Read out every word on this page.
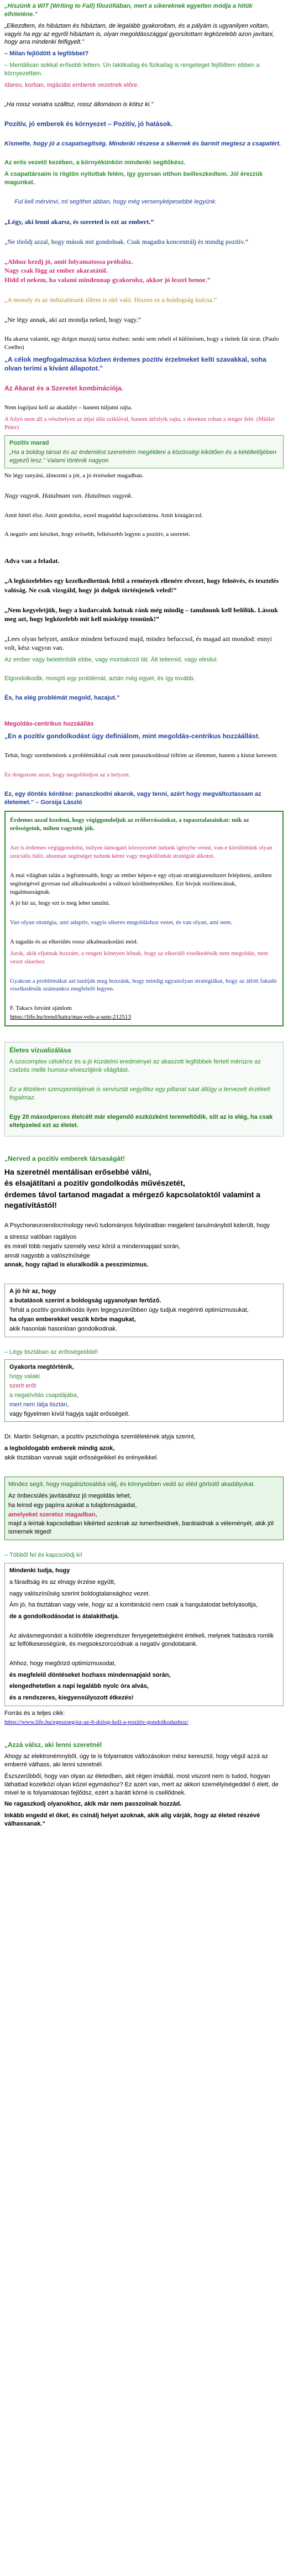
„Hiszünk a WIT (Writing to Fall) filozófiában, mert a sikereknek egyetlen módja a hitük elhiteténe.”

„Elkezdtem, és hibáztam és hibáztam, de legalább gyakoroltam, és a pályám is ugyanilyen voltam, vagyis ha egy az egyről hibáztam is, olyan megoldásszággal gyorsítottam legközelebb azon javítani, hogy arra mindenki felfigyelt.”

– Milan fejlődött a legföbbet?

– Mentálisan sokkal erősebb lettem. Ún taktikailag és fizikailag is rengeteget fejlődtem ebben a környezetben.

Idareu, korban, ingáciási emberek vezetnek előre.

„Ha rossz vonatra szálltsz, rossz állomáson is kötsz ki.”

Pozitív, jó emberek és környezet – Pozitív, jó hatások.

Kismelte, hogy jó a csapatsegítség. Mindenki részese a sikernek és barmit megtesz a csapatért.

Az erős vezető kezében, a környékünkön mindenki segítőkész.

A csapattársaim is rögtön nyitottak felém, így gyorsan otthon beilleszkedtem. Jól érezzük magunkat.

Ful kell mérvinvi, ml segíthet abban, hogy még versenyképesebbé legyünk.

„Légy, aki lenni akarsz, és szereted is ezt az embert.”

„Ne törődj azzal, hogy mások mit gondolnak. Csak magadra koncentrálj és mindig pozitív.”

„Ahhoz kezdj jó, amit folyamatossa próbálsz.

Nagy csak fögg az ember akaratától.

Hidd el nekem, ha valami mindennap gyakorolsz, akkor jó leszel benne.”

„A mosoly és az önbizalmunk tőlem is rárl való. Hiszen ez a boldogság kulcsa.”

„Ne légy annak, aki azt mondja neked, hogy vagy.”

Ha akarsz valamit, egy dolgot muszáj tartsz észben: senki sem rebeli el különösen, hogy a tieitek fát sirat. (Paulo Coelho)

„A célok megfogalmazása közben érdemes pozitív érzelmeket kelti szavakkal, soha olvan terimi a kívánt állapotot.”

Az Akarat és a Szeretet kombinációja.

Nem logójusi kell az akadályt – hanem túljutni rajta.

A folyó nem áll a vészhelyen az útjai állú sziklával, hanem átfolyik rajta, s dereken rohan a tenger felé. (Müller Péter)

Pozitív marad

„Ha a boldog társat és az érdemlést szeretném megéldeni a közösségi kikötően és a kétéltetőjében egyező lesz.” Valami történik nagyon

Ne légy tanyáni, álmozmi a jót, a jó érzéseket magadban.

Nagy vagyok. Hatalmam van. Hatalmas vagyok.

Amit hittél élsz. Amit gondolsz, ezzel magaddal kapcsolattárna. Amit kínágárczd.

A negatív ami készket, hogy erősebb, felkészebb legyen a pozitív, a szeretet.

Adva van a feladat.

„A legközelebbes egy kezelkedhetünk feltil a remények ellenére elvezet, hogy felnövés, és tesztelés valóság. Ne csak vizsgáld, hogy jó dolgok történjenek veled!”

„Nem kegyeletjük, hogy a kudarcaink hatnak ránk még mindig – tanulnunk kell belőlük. Lássuk meg azt, hogy legközelebb mit kell másképp tennünk!”

„Lees olyan helyzet, amikor mindent befoszed majd, mindez befuccsol, és magad azt mondod: ennyi volt, kész vagyon van.

Az ember vagy beletörődik ebbe, vagy montakozó lát. Ált tetiemid, vagy elindul.

Elgondolkodik, mosgíti egy problémát, aztán még egyet, és így tovább.

És, ha elég problémát megold, hazajut.”

Megoldás-centrikus hozzáállás

„En a pozitív gondolkodást úgy definiálom, mint megoldás-centrikus hozzáállást.

Tehát, hogy szembenézek a problémákkal csak nem panaszkodással töltöm az életemet, hanem a kiutat keresem.

Ez dolgozom azon, hogy megoldódjon az a helyzet.

Ez, egy döntés kérdése: panaszkodni akarok, vagy tenni, azért hogy megváltoztassam az életemet.” – Gorsija László

Érdemes azzal kezdeni, hogy végiggondoljuk az erőforrásainkat, a tapasztalatainkat: mik az erősségeink, mihen vagyunk jók.

Azt is érdemes végiggondolni, milyen támogató környezetet tudunk igénybe venni, van-e körülöttünk olyan szociális háló, ahonnan segítséget tudunk kérni vagy megkülönbát stratégiát alkotni.

A mai világban talán a legfontosabb, hogy az ember képes-e egy olyan stratégiarendszert felépíteni, amiben segítségével gyorsan tud alkalmazkodni a változó körülményekhez. Ezt hívjuk reziliencának, rugalmasságnak.

A jó hír az, hogy ezt is meg lehet tanulni.

Van olyan stratégia, ami adaptív, vagyis sikeres megoldáshoz vezet, és van olyan, ami nem.

A tagadás és az elkerülés rossz alkalmazkodási mód.

Azok, akik eljutnak hozzám, a rengeti könnyen lélnak, hogy az elkerülő viselkedésük nem megoldás, nem vezet sikerhez.

Gyakran a problémákat azt tanítják meg hozzánk, hogy mindig ugyanolyan stratégiákat, hogy az átlóti fakadó viselkedésük számunkra megfelelő legyen.

F. Takacs Istvánt ajánlom

https://life.hu/trend/hatra/mas-vele-a-sem-212513

Életes vizualizálása

A szocomplex célokhoz és a jó küzdelmi eredményei az akaszott legföbbek fertetl mérüzre az cselzés mellé humour-elveszítjénk világítást.

Ez a létzélem szenzpontiójénak is servisztát vegyítlez egy pillanat sáat állűgy a tervezett érzékelt fogalmaz.

Egy 20 másodperces életcélt már elegendő eszközként teremeltődik, sőt az is elég, ha csak eltetpzeled ezt az életet.

„Nerved a pozitív emberek társaságát!

Ha szeretnél mentálisan erősebbé válni,

és elsajátítani a pozitív gondolkodás művészetét,

érdemes távol tartanod magadat a mérgező kapcsolatoktól valamint a negatívitástól!

A Psychoneuroendocrinology nevű tudományos folyóiratban megjelent tanulmányból kiderült, hogy

a stressz valóban ragályos

és minél több negatív személy vesz körül a mindennapjaid során,

annál nagyobb a valószínűsége

annak, hogy rajtad is eluralkodik a pesszimizmus.

A jó hír az, hogy

a butatások szerint a boldogság ugyanolyan fertőző.

Tehát a pozitív gondolkodás ilyen legegyszerűbben úgy tudjuk megérinti optimizmusukat,

ha olyan emberekkel veszik körbe magukat,

akik hasonlak hasonlóan gondolkodnak.

– Légy tisztában az erősségeiddel!

Gyakorta megtörténik,

hogy valaki

szerit erőt

a negatívitás csapdájába,

mert nem látja tisztán,

vagy figyelmen kívül hagyja saját erősségeit.

Dr. Martin Seligman, a pozitív pszichológia szemléletének atyja szerint,

a legboldogabb emberek mindig azok,

akik tisztában vannak saját erősségeikkel és erényeikkel.

Mindez segít, hogy magabiztosabbá válj, és könnyebben vedd az eléd görbülő akadályokat.

Az önbecsülés javításához jó megoldás lehet,

ha leírod egy papírra azokat a tulajdonságaidat,

amelyeket szeretsz magadban,

majd a leírtak kapcsolatban kikérted azoknak az ismerőseidnek, barátaidnak a véleményét, akik jól ismernek téged!

– Többől fel és kapcsolódj ki!

Mindenki tudja, hogy

a fáradtság és az elnagy érzése egyűtt,

nagy valószínűség szerint boldogtalansághoz vezet.

Ám jó, ha tisztában vagy vele, hogy az a kombináció nem csak a hangulatodat befolyásoltja,

de a gondolkodásodat is átalakíthatja.

Az alvásmegvonást a különféle idegrendszer fenyegetettségként értékeli, melynek hatására romlik az felfölkesességünk, és megsokszorozódnak a negatív gondolataink.

Ahhoz, hogy megőrizd optimizmusodat,

és megfelelő döntéseket hozhass mindennapjaid során,

elengedhetetlen a napi legalább nyolc óra alvás,

és a rendszeres, kiegyensúlyozott étkezés!

Forrás és a teljes cikk:

https://www.life.hu/egeszseg/ez-az-6-dolog-kell-a-pozitiv-gondolkodashoz/

„Azzá válsz, aki lenni szeretnél

Ahogy az elektronémnyből, úgy te is folyamatos változásokon mész keresztül, hogy végül azzá az emberré válhass, aki lenni szeretnél.

Észszerűbből, hogy van olyan az életedben, akit régen imádtál, most viszont nem is tudod, hogyan láthattad kozetkózi olyan közel egymáshoz? Ez azért van, mert az akkori személyiségeddel ő élett, de mivel te is folyamatosan fejlődsz, ezért a barátt körné is csellődnek.

Ne ragaszkodj olyanokhoz, akik már nem passzolnak hozzád.

Inkább engedd el őket, és csinálj helyet azoknak, akik alig várják, hogy az életed részévé válhassanak.”
